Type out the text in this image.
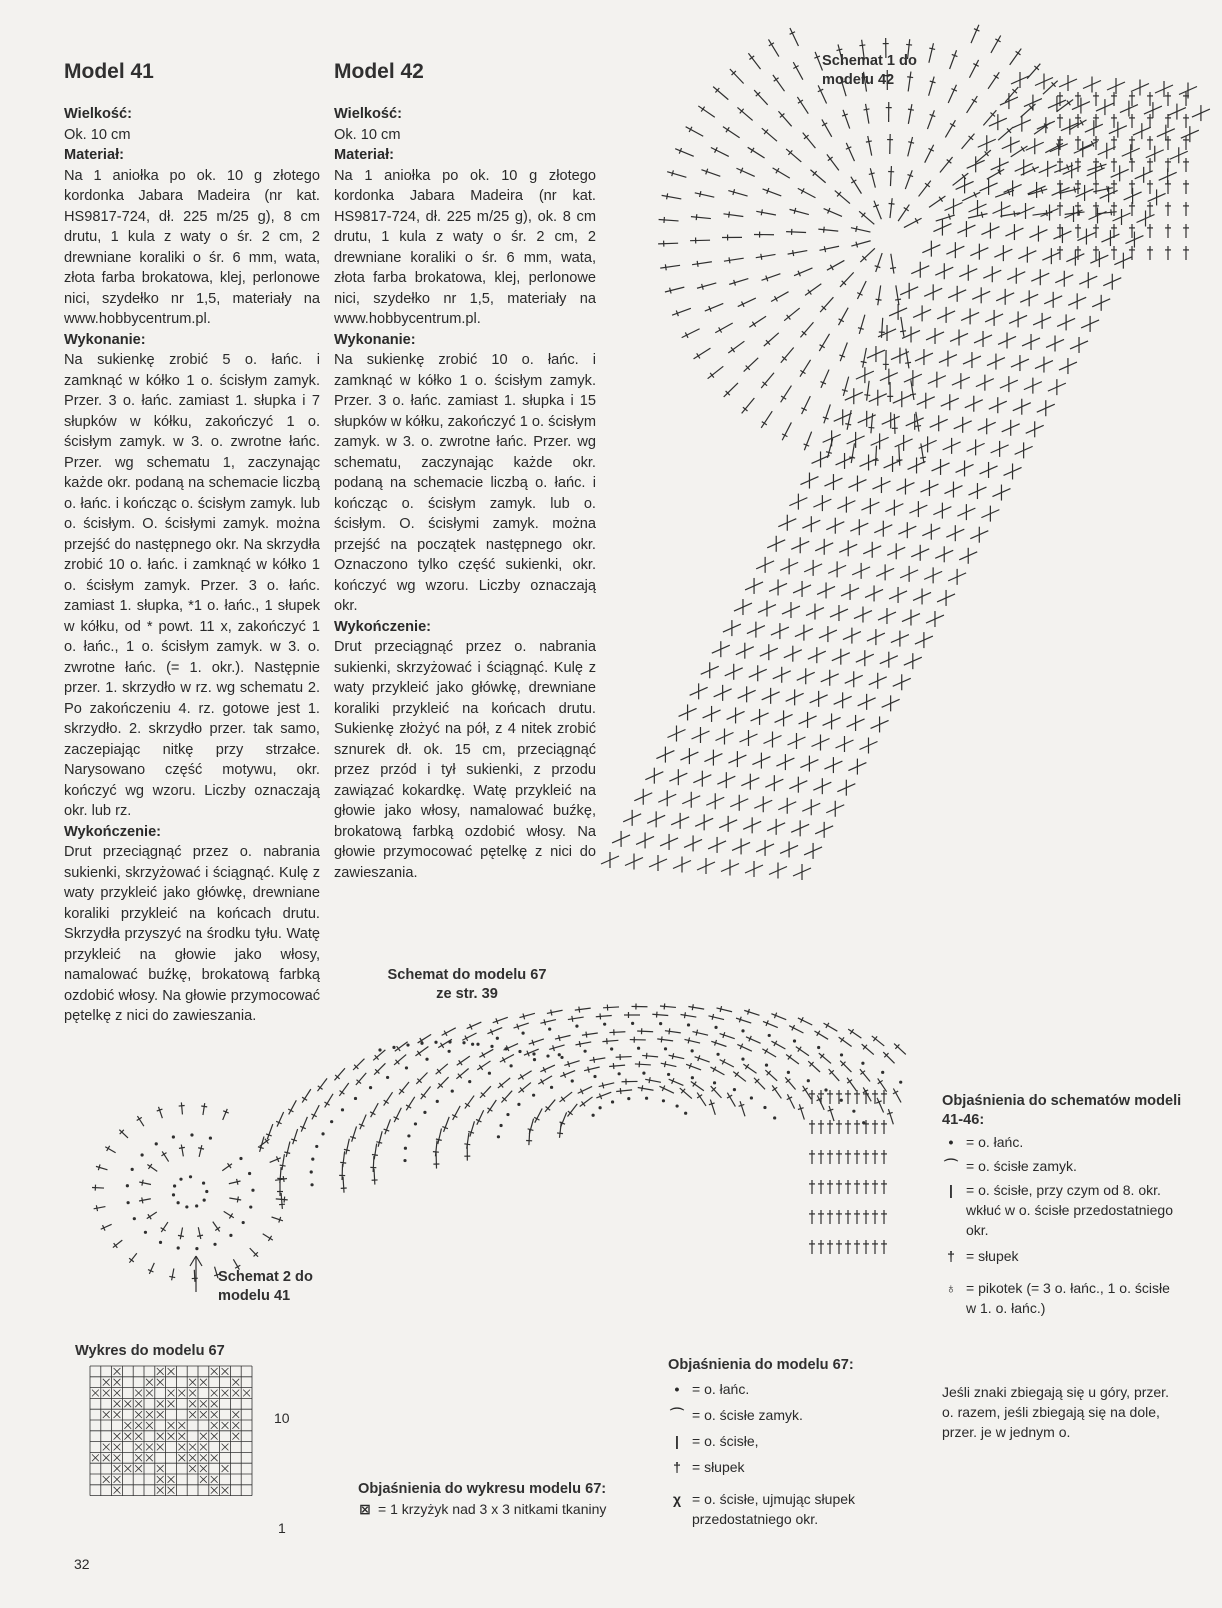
Model 41
Wielkość:
Ok. 10 cm
Materiał:
Na 1 aniołka po ok. 10 g złotego kordonka Jabara Madeira (nr kat. HS9817-724, dł. 225 m/25 g), 8 cm drutu, 1 kula z waty o śr. 2 cm, 2 drewniane koraliki o śr. 6 mm, wata, złota farba brokatowa, klej, perlonowe nici, szydełko nr 1,5, materiały na www.hobbycentrum.pl.
Wykonanie:
Na sukienkę zrobić 5 o. łańc. i zamknąć w kółko 1 o. ścisłym zamyk. Przer. 3 o. łańc. zamiast 1. słupka i 7 słupków w kółku, zakończyć 1 o. ścisłym zamyk. w 3. o. zwrotne łańc. Przer. wg schematu 1, zaczynając każde okr. podaną na schemacie liczbą o. łańc. i kończąc o. ścisłym zamyk. lub o. ścisłym. O. ścisłymi zamyk. można przejść do następnego okr. Na skrzydła zrobić 10 o. łańc. i zamknąć w kółko 1 o. ścisłym zamyk. Przer. 3 o. łańc. zamiast 1. słupka, *1 o. łańc., 1 słupek w kółku, od * powt. 11 x, zakończyć 1 o. łańc., 1 o. ścisłym zamyk. w 3. o. zwrotne łańc. (= 1. okr.). Następnie przer. 1. skrzydło w rz. wg schematu 2. Po zakończeniu 4. rz. gotowe jest 1. skrzydło. 2. skrzydło przer. tak samo, zaczepiając nitkę przy strzałce. Narysowano część motywu, okr. kończyć wg wzoru. Liczby oznaczają okr. lub rz.
Wykończenie:
Drut przeciągnąć przez o. nabrania sukienki, skrzyżować i ściągnąć. Kulę z waty przykleić jako główkę, drewniane koraliki przykleić na końcach drutu. Skrzydła przyszyć na środku tyłu. Watę przykleić na głowie jako włosy, namalować buźkę, brokatową farbką ozdobić włosy. Na głowie przymocować pętelkę z nici do zawieszania.
Model 42
Wielkość:
Ok. 10 cm
Materiał:
Na 1 aniołka po ok. 10 g złotego kordonka Jabara Madeira (nr kat. HS9817-724, dł. 225 m/25 g), ok. 8 cm drutu, 1 kula z waty o śr. 2 cm, 2 drewniane koraliki o śr. 6 mm, wata, złota farba brokatowa, klej, perlonowe nici, szydełko nr 1,5, materiały na www.hobbycentrum.pl.
Wykonanie:
Na sukienkę zrobić 10 o. łańc. i zamknąć w kółko 1 o. ścisłym zamyk. Przer. 3 o. łańc. zamiast 1. słupka i 15 słupków w kółku, zakończyć 1 o. ścisłym zamyk. w 3. o. zwrotne łańc. Przer. wg schematu, zaczynając każde okr. podaną na schemacie liczbą o. łańc. i kończąc o. ścisłym zamyk. lub o. ścisłym. O. ścisłymi zamyk. można przejść na początek następnego okr. Oznaczono tylko część sukienki, okr. kończyć wg wzoru. Liczby oznaczają okr.
Wykończenie:
Drut przeciągnąć przez o. nabrania sukienki, skrzyżować i ściągnąć. Kulę z waty przykleić jako główkę, drewniane koraliki przykleić na końcach drutu. Sukienkę złożyć na pół, z 4 nitek zrobić sznurek dł. ok. 15 cm, przeciągnąć przez przód i tył sukienki, z przodu zawiązać kokardkę. Watę przykleić na głowie jako włosy, namalować buźkę, brokatową farbką ozdobić włosy. Na głowie przymocować pętelkę z nici do zawieszania.
Schemat 1 do
modelu 42
Schemat do modelu 67
ze str. 39
Schemat 2 do
modelu 41
Wykres do modelu 67
10
1
Objaśnienia do schematów modeli 41-46:
• = o. łańc.
⌒ = o. ścisłe zamyk.
| = o. ścisłe, przy czym od 8. okr. wkłuć w o. ścisłe przedostatniego okr.
† = słupek
♁ = pikotek (= 3 o. łańc., 1 o. ścisłe w 1. o. łańc.)
Jeśli znaki zbiegają się u góry, przer. o. razem, jeśli zbiegają się na dole, przer. je w jednym o.
Objaśnienia do modelu 67:
• = o. łańc.
⌒ = o. ścisłe zamyk.
| = o. ścisłe,
† = słupek
χ = o. ścisłe, ujmując słupek przedostatniego okr.
Objaśnienia do wykresu modelu 67:
⊠ = 1 krzyżyk nad 3 x 3 nitkami tkaniny
32
